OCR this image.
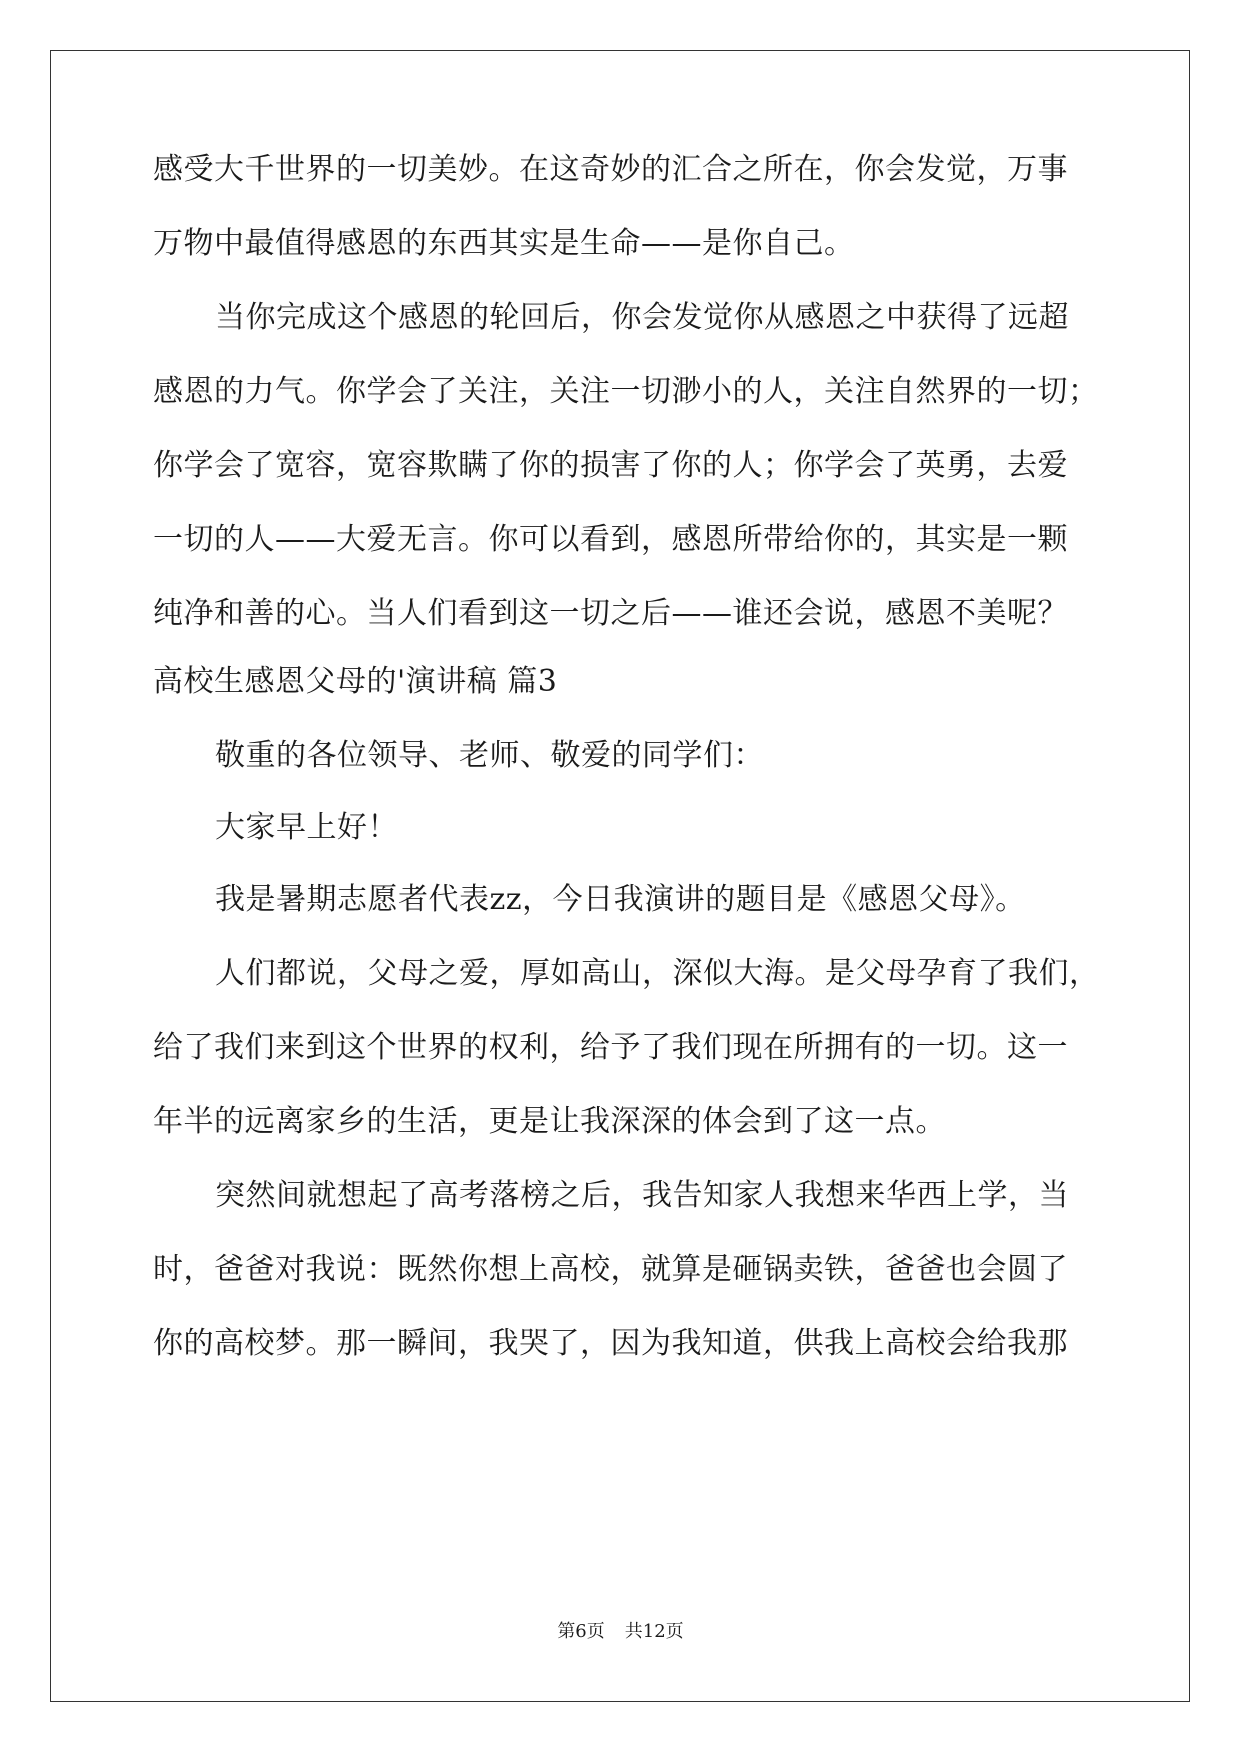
感受大千世界的一切美妙。在这奇妙的汇合之所在，你会发觉，万事
万物中最值得感恩的东西其实是生命——是你自己。
当你完成这个感恩的轮回后，你会发觉你从感恩之中获得了远超
感恩的力气。你学会了关注，关注一切渺小的人，关注自然界的一切；
你学会了宽容，宽容欺瞒了你的损害了你的人；你学会了英勇，去爱
一切的人——大爱无言。你可以看到，感恩所带给你的，其实是一颗
纯净和善的心。当人们看到这一切之后——谁还会说，感恩不美呢？
高校生感恩父母的'演讲稿 篇3
敬重的各位领导、老师、敬爱的同学们：
大家早上好！
我是暑期志愿者代表zz，今日我演讲的题目是《感恩父母》。
人们都说，父母之爱，厚如高山，深似大海。是父母孕育了我们，
给了我们来到这个世界的权利，给予了我们现在所拥有的一切。这一
年半的远离家乡的生活，更是让我深深的体会到了这一点。
突然间就想起了高考落榜之后，我告知家人我想来华西上学，当
时，爸爸对我说：既然你想上高校，就算是砸锅卖铁，爸爸也会圆了
你的高校梦。那一瞬间，我哭了，因为我知道，供我上高校会给我那
第6页 共12页
